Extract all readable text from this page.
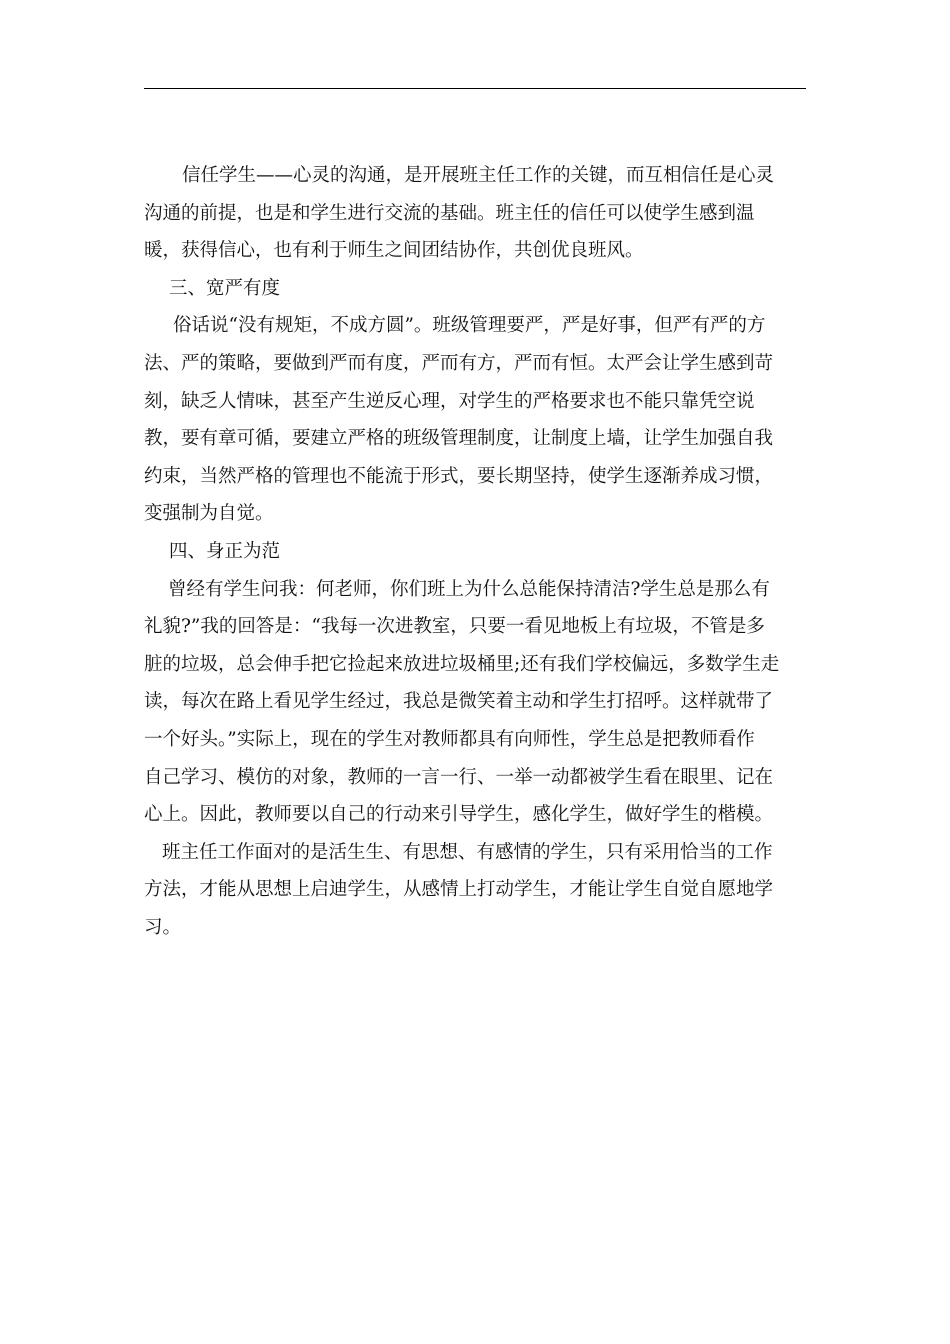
信任学生——心灵的沟通，是开展班主任工作的关键，而互相信任是心灵
沟通的前提，也是和学生进行交流的基础。班主任的信任可以使学生感到温
暖，获得信心，也有利于师生之间团结协作，共创优良班风。
三、宽严有度
俗话说“没有规矩，不成方圆”。班级管理要严，严是好事，但严有严的方
法、严的策略，要做到严而有度，严而有方，严而有恒。太严会让学生感到苛
刻，缺乏人情味，甚至产生逆反心理，对学生的严格要求也不能只靠凭空说
教，要有章可循，要建立严格的班级管理制度，让制度上墙，让学生加强自我
约束，当然严格的管理也不能流于形式，要长期坚持，使学生逐渐养成习惯，
变强制为自觉。
四、身正为范
曾经有学生问我：何老师，你们班上为什么总能保持清洁?学生总是那么有
礼貌?”我的回答是：“我每一次进教室，只要一看见地板上有垃圾，不管是多
脏的垃圾，总会伸手把它捡起来放进垃圾桶里;还有我们学校偏远，多数学生走
读，每次在路上看见学生经过，我总是微笑着主动和学生打招呼。这样就带了
一个好头。”实际上，现在的学生对教师都具有向师性，学生总是把教师看作
自己学习、模仿的对象，教师的一言一行、一举一动都被学生看在眼里、记在
心上。因此，教师要以自己的行动来引导学生，感化学生，做好学生的楷模。
班主任工作面对的是活生生、有思想、有感情的学生，只有采用恰当的工作
方法，才能从思想上启迪学生，从感情上打动学生，才能让学生自觉自愿地学
习。
